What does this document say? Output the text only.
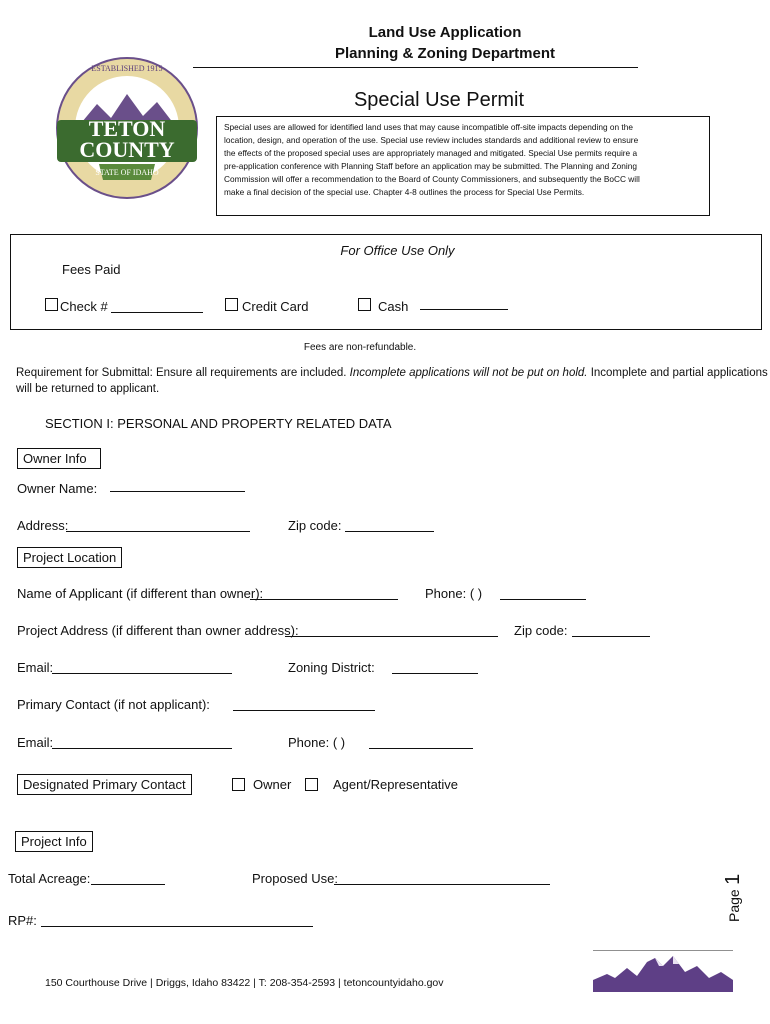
Land Use Application
Planning & Zoning Department
ESTABLISHED 1915
TETON
COUNTY
STATE OF IDAHO
Special Use Permit
Special uses are allowed for identified land uses that may cause incompatible off-site impacts depending on the
location, design, and operation of the use. Special use review includes standards and additional review to ensure
the effects of the proposed special uses are appropriately managed and mitigated. Special Use permits require a
pre-application conference with Planning Staff before an application may be submitted. The Planning and Zoning
Commission will offer a recommendation to the Board of County Commissioners, and subsequently the BoCC will
make a final decision of the special use. Chapter 4-8 outlines the process for Special Use Permits.
For Office Use Only
Fees Paid
Check #	Credit Card	Cash
Fees are non-refundable.
Requirement for Submittal: Ensure all requirements are included. Incomplete applications will not be put on hold. Incomplete and partial applications
will be returned to applicant.
SECTION I: PERSONAL AND PROPERTY RELATED DATA
Owner Info
Owner Name:
Address:	Zip code:
Project Location
Name of Applicant (if different than owner):	Phone: ( )
Project Address (if different than owner address):	Zip code:
Email:	Zoning District:
Primary Contact (if not applicant):
Email:	Phone: ( )
Designated Primary Contact	Owner	Agent/Representative
Project Info
Total Acreage:	Proposed Use:
RP#:	Page 1
150 Courthouse Drive | Driggs, Idaho 83422 | T: 208-354-2593 | tetoncountyidaho.gov
